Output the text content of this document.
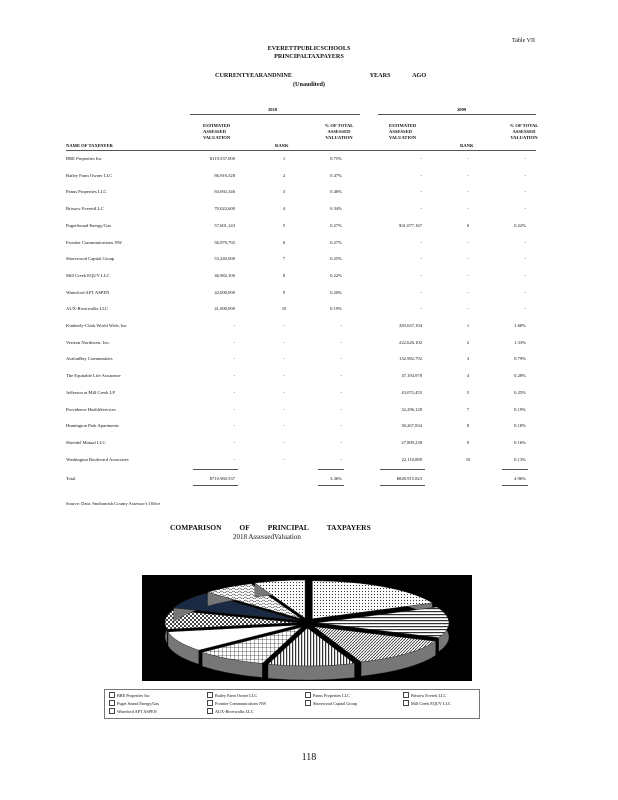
Table VII
EVERETTPUBLICSCHOOLS
PRINCIPALTAXPAYERS
CURRENTYEARANDNINE	YEARS	AGO
(Unaudited)
2018	2009
NAME OF TAXPAYER
ESTIMATED ASSESSED VALUATION
RANK
% OF TOTAL ASSESSED VALUATION
ESTIMATED ASSESSED VALUATION
RANK
% OF TOTAL ASSESSED VALUATION
BRE Properties Inc	$119,537,000	1	0.75%	-	-	-
Bailey Farm Owner LLC	86,916,328	2	0.47%	-	-	-
Panus Properties LLC	84,692,346	3	0.46%	-	-	-
Bristow EverettLLC	70,022,600	4	0.34%	-	-	-
PugetSound Energy/Gas	57,601,143	5	0.27%	$31,077,167	6	0.22%
Frontier Communications NW	56,970,792	6	0.27%	-	-	-
Shorewood Capital Group	53,240,000	7	0.25%	-	-	-
Mill Creek EQUV LLC	46,982,100	8	0.22%	-	-	-
Waterford APT ASPEN	42,000,000	9	0.20%	-	-	-
AUX-Riverwalks LLC	41,000,000	10	0.19%	-	-	-
Kimberly-Clark World Wide, Inc	-	-	-	283,637,194	1	1.68%
Verizon Northwest, Inc.	-	-	-	222,626,102	2	1.33%
AvalonBay Communities	-	-	-	132,982,792	3	0.79%
The Equitable Life Assurance	-	-	-	47,194,978	4	0.28%
Jefferson at Mill Creek LP	-	-	-	43,072,455	5	0.25%
Providence HealthServices	-	-	-	32,296,128	7	0.19%
Huntington Park Apartments	-	-	-	30,267,834	8	0.18%
Sheridel Mutual LLC	-	-	-	27,809,238	9	0.16%
Washington Boulevard Associates	-	-	-	22,110,889	10	0.13%
Total	$710,960,537	3.36%	$840,915,823	4.96%
Source: Data: Snohomish County Assessor's Office
COMPARISON OF PRINCIPAL TAXPAYERS
2018 AssessedValuation
BRE Properties Inc	Bailey Farm Owner LLC	Panus Properties LLC	Bristow Everett LLC
Puget Sound Energy/Gas	Frontier Communications NW	Shorewood Capital Group	Mill Creek EQUV LLC
Waterford APT ASPEN	AUX-Riverwalks LLC
118
